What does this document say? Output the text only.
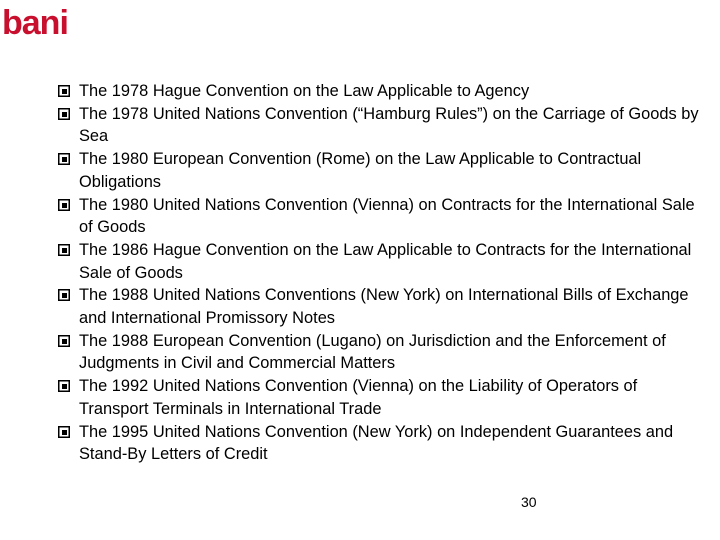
bani
The 1978 Hague Convention on the Law Applicable to Agency
The 1978 United Nations Convention (“Hamburg Rules”) on the Carriage of Goods by Sea
The 1980 European Convention (Rome) on the Law Applicable to Contractual Obligations
The 1980 United Nations Convention (Vienna) on Contracts for the International Sale of Goods
The 1986 Hague Convention on the Law Applicable to Contracts for the International Sale of Goods
The 1988 United Nations Conventions (New York) on International Bills of Exchange and International Promissory Notes
The 1988 European Convention (Lugano) on Jurisdiction and the Enforcement of Judgments in Civil and Commercial Matters
The 1992 United Nations Convention (Vienna) on the Liability of Operators of Transport Terminals in International Trade
The 1995 United Nations Convention (New York) on Independent Guarantees and Stand-By Letters of Credit
30
